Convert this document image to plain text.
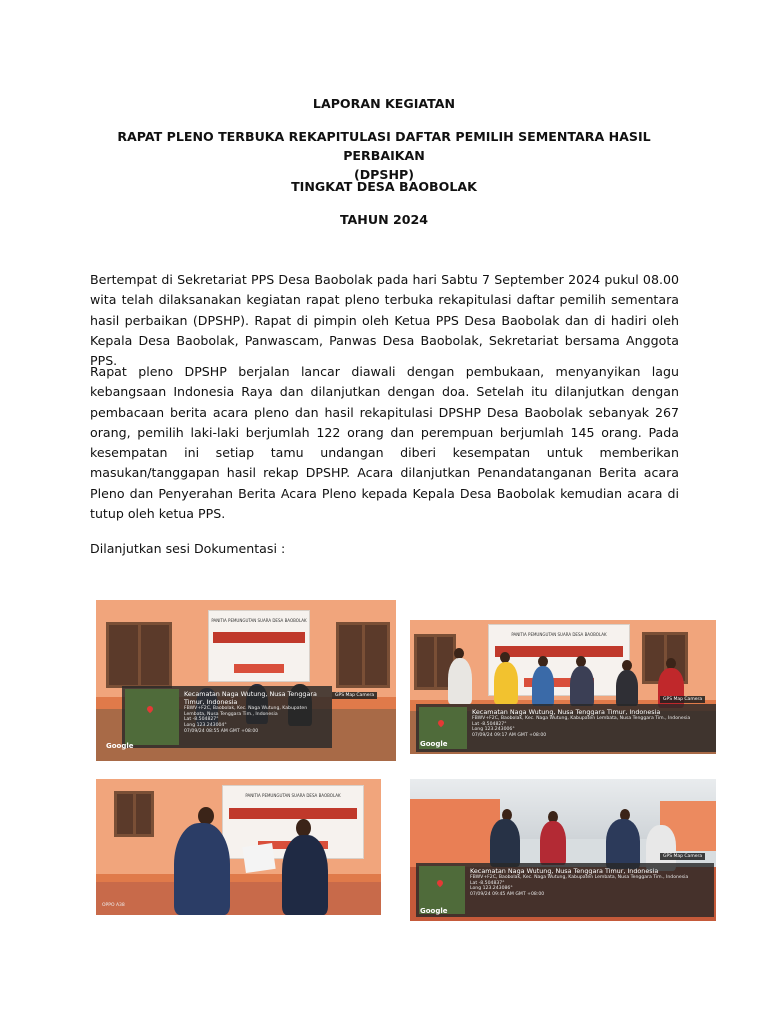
LAPORAN KEGIATAN
RAPAT PLENO TERBUKA REKAPITULASI DAFTAR PEMILIH SEMENTARA HASIL PERBAIKAN
(DPSHP)
TINGKAT DESA BAOBOLAK
TAHUN 2024
Bertempat di Sekretariat PPS Desa Baobolak pada hari Sabtu 7 September 2024 pukul 08.00 wita telah dilaksanakan kegiatan rapat pleno terbuka rekapitulasi daftar pemilih sementara hasil perbaikan (DPSHP). Rapat di pimpin oleh Ketua PPS Desa Baobolak dan di hadiri oleh Kepala Desa Baobolak, Panwascam, Panwas Desa Baobolak, Sekretariat bersama Anggota PPS.
Rapat pleno DPSHP berjalan lancar diawali dengan pembukaan, menyanyikan lagu kebangsaan Indonesia Raya dan dilanjutkan dengan doa. Setelah itu dilanjutkan dengan pembacaan berita acara pleno dan hasil rekapitulasi DPSHP Desa Baobolak sebanyak 267 orang, pemilih laki-laki berjumlah 122 orang dan perempuan berjumlah 145 orang. Pada kesempatan ini setiap tamu undangan diberi kesempatan untuk memberikan masukan/tanggapan hasil rekap DPSHP. Acara dilanjutkan Penandatanganan Berita acara Pleno dan Penyerahan Berita Acara Pleno kepada Kepala Desa Baobolak kemudian acara di tutup oleh ketua PPS.
Dilanjutkan sesi Dokumentasi :
PANITIA PEMUNGUTAN SUARA DESA BAOBOLAK
Kecamatan Naga Wutung, Nusa Tenggara Timur, Indonesia
FBWV+F2C, Baobolak, Kec. Naga Wutung, Kabupaten Lembata, Nusa Tenggara Tim., Indonesia
Lat -8.504827°
Long 123.243004°
07/09/24 08:55 AM GMT +08:00
GPS Map Camera
Google
PANITIA PEMUNGUTAN SUARA DESA BAOBOLAK
Kecamatan Naga Wutung, Nusa Tenggara Timur, Indonesia
FBWV+F2C, Baobolak, Kec. Naga Wutung, Kabupaten Lembata, Nusa Tenggara Tim., Indonesia
Lat -8.504827°
Long 123.243006°
07/09/24 09:17 AM GMT +08:00
GPS Map Camera
Google
PANITIA PEMUNGUTAN SUARA DESA BAOBOLAK
OPPO A38
Kecamatan Naga Wutung, Nusa Tenggara Timur, Indonesia
FBWV+F2C, Baobolak, Kec. Naga Wutung, Kabupaten Lembata, Nusa Tenggara Tim., Indonesia
Lat -8.504837°
Long 123.243086°
07/09/24 09:45 AM GMT +08:00
GPS Map Camera
Google
